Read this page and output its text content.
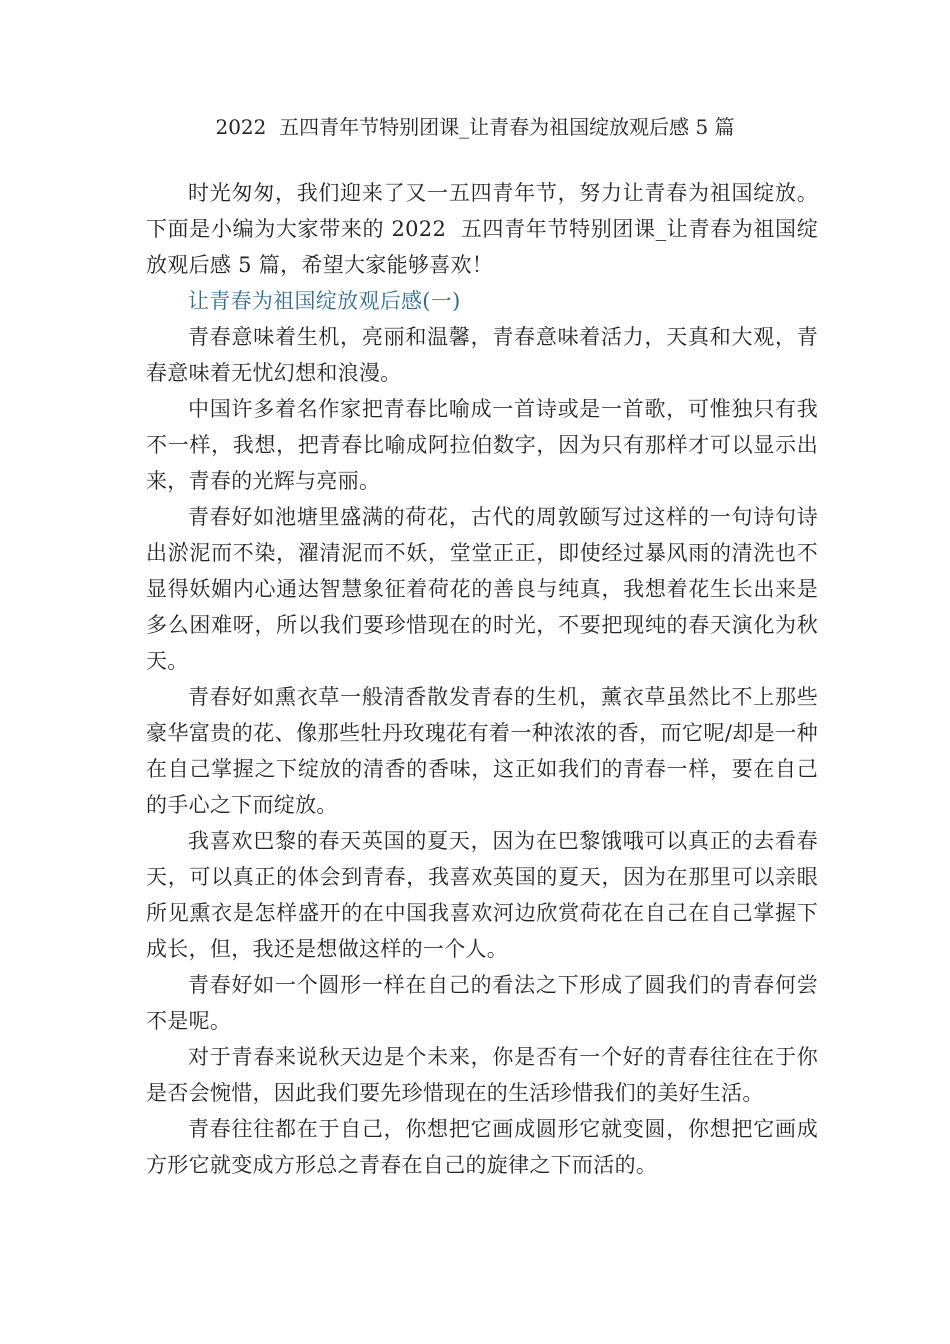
2022  五四青年节特别团课_让青春为祖国绽放观后感 5 篇

时光匆匆，我们迎来了又一五四青年节，努力让青春为祖国绽放。下面是小编为大家带来的 2022  五四青年节特别团课_让青春为祖国绽放观后感 5 篇，希望大家能够喜欢！

让青春为祖国绽放观后感(一)

青春意味着生机，亮丽和温馨，青春意味着活力，天真和大观，青春意味着无忧幻想和浪漫。

中国许多着名作家把青春比喻成一首诗或是一首歌，可惟独只有我不一样，我想，把青春比喻成阿拉伯数字，因为只有那样才可以显示出来，青春的光辉与亮丽。

青春好如池塘里盛满的荷花，古代的周敦颐写过这样的一句诗句诗出淤泥而不染，濯清泥而不妖，堂堂正正，即使经过暴风雨的清洗也不显得妖媚内心通达智慧象征着荷花的善良与纯真，我想着花生长出来是多么困难呀，所以我们要珍惜现在的时光，不要把现纯的春天演化为秋天。

青春好如熏衣草一般清香散发青春的生机，薰衣草虽然比不上那些豪华富贵的花、像那些牡丹玫瑰花有着一种浓浓的香，而它呢/却是一种在自己掌握之下绽放的清香的香味，这正如我们的青春一样，要在自己的手心之下而绽放。

我喜欢巴黎的春天英国的夏天，因为在巴黎饿哦可以真正的去看春天，可以真正的体会到青春，我喜欢英国的夏天，因为在那里可以亲眼所见熏衣是怎样盛开的在中国我喜欢河边欣赏荷花在自己在自己掌握下成长，但，我还是想做这样的一个人。

青春好如一个圆形一样在自己的看法之下形成了圆我们的青春何尝不是呢。

对于青春来说秋天边是个未来，你是否有一个好的青春往往在于你是否会惋惜，因此我们要先珍惜现在的生活珍惜我们的美好生活。

青春往往都在于自己，你想把它画成圆形它就变圆，你想把它画成方形它就变成方形总之青春在自己的旋律之下而活的。
